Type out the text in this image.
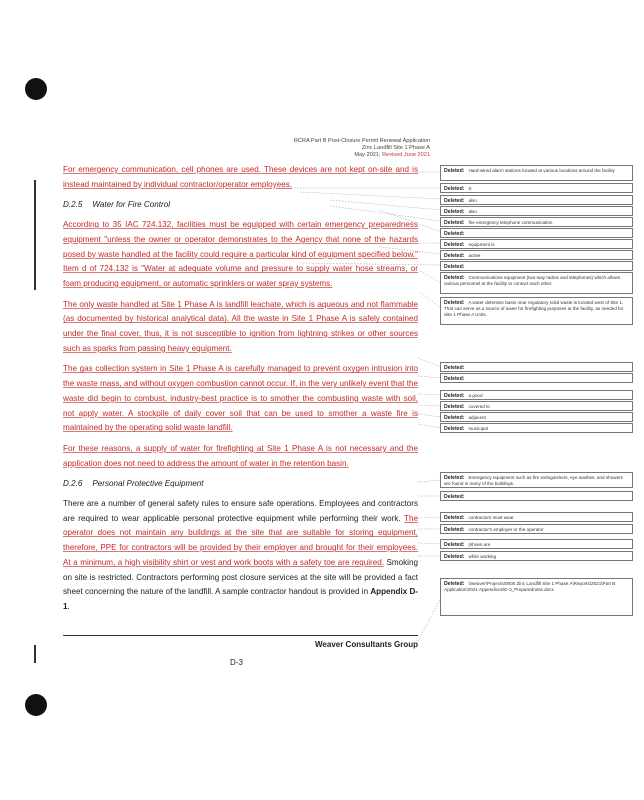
RCRA Part B Post-Closure Permit Renewal Application
Zinc Landfill Site 1 Phase A
May 2021; Revised June 2021

For emergency communication, cell phones are used. These devices are not kept on-site and is instead maintained by individual contractor/operator employees.

D.2.5 Water for Fire Control

According to 35 IAC 724.132, facilities must be equipped with certain emergency preparedness equipment "unless the owner or operator demonstrates to the Agency that none of the hazards posed by waste handled at the facility could require a particular kind of equipment specified below." Item d of 724.132 is "Water at adequate volume and pressure to supply water hose streams, or foam producing equipment, or automatic sprinklers or water spray systems.

The only waste handled at Site 1 Phase A is landfill leachate, which is aqueous and not flammable (as documented by historical analytical data). All the waste in Site 1 Phase A is safely contained under the final cover, thus, it is not susceptible to ignition from lightning strikes or other sources such as sparks from passing heavy equipment.

The gas collection system in Site 1 Phase A is carefully managed to prevent oxygen intrusion into the waste mass, and without oxygen combustion cannot occur. If, in the very unlikely event that the waste did begin to combust, industry-best practice is to smother the combusting waste with soil, not apply water. A stockpile of daily cover soil that can be used to smother a waste fire is maintained by the operating solid waste landfill.

For these reasons, a supply of water for firefighting at Site 1 Phase A is not necessary and the application does not need to address the amount of water in the retention basin.

D.2.6 Personal Protective Equipment

There are a number of general safety rules to ensure safe operations. Employees and contractors are required to wear applicable personal protective equipment while performing their work. The operator does not maintain any buildings at the site that are suitable for storing equipment, therefore, PPE for contractors will be provided by their employer and brought for their employees. At a minimum, a high visibility shirt or vest and work boots with a safety toe are required. Smoking on site is restricted. Contractors performing post closure services at the site will be provided a fact sheet concerning the nature of the landfill. A sample contractor handout is provided in Appendix D-1.

Weaver Consultants Group
D-3
Deleted: Hard-wired alarm stations located at various locations around the facility
Deleted: S
Deleted: also
Deleted: also
Deleted: fire emergency telephone communication
Deleted:
Deleted: equipment is
Deleted: active
Deleted:
Deleted: Communications equipment (two-way radios and telephones) which allows various personnel at the facility to contact each other.
Deleted: A water detention basin near regulatory solid waste is located west of Site 1. That can serve as a source of water for firefighting purposes at the facility, as needed for Site 1 Phase A Units.
Deleted:
Deleted:
Deleted: a good
Deleted: covered to
Deleted: adjacent
Deleted: municipal
Deleted: Emergency equipment such as fire extinguishers, eye washes, and showers are found in many of the buildings.
Deleted:
Deleted: contractors must wear
Deleted: contractor's employer or the operator
Deleted: (shoes are
Deleted: while working
Deleted: \\weaver\Projects\0000 Zinc Landfill Site 1 Phase A\Reports\2021\Part B Application\2021 Appendices\D-3_Preparedness.docx
